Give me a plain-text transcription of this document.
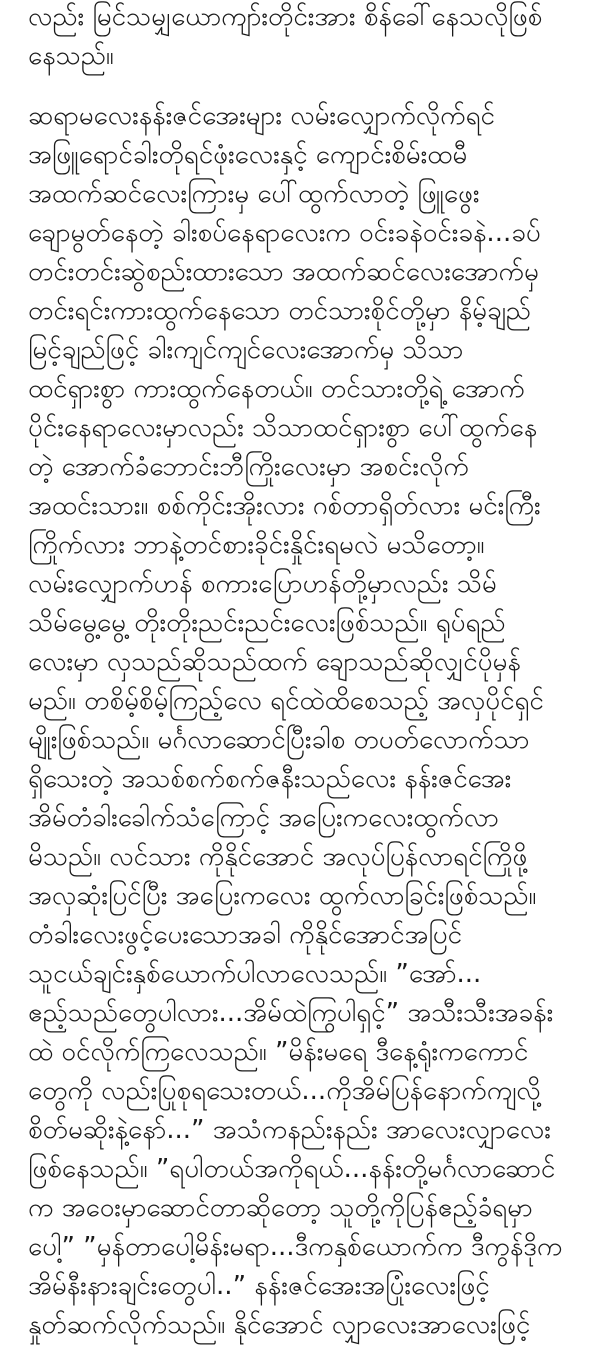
လည်း မြင်သမျှယောကျာ်းတိုင်းအား စိန်ခေါ်နေသလိုဖြစ်
နေသည်။

ဆရာမလေးနန်းဇင်အေးများ လမ်းလျှောက်လိုက်ရင်
အဖြူရောင်ခါးတိုရင်ဖုံးလေးနှင့် ကျောင်းစိမ်းထမီ
အထက်ဆင်လေးကြားမှ ပေါ်ထွက်လာတဲ့ ဖြူဖွေး
ချောမွတ်နေတဲ့ ခါးစပ်နေရာလေးက ဝင်းခနဲဝင်းခနဲ...ခပ်
တင်းတင်းဆွဲစည်းထားသော အထက်ဆင်လေးအောက်မှ
တင်းရင်းကားထွက်နေသော တင်သားစိုင်တို့မှာ နိမ့်ချည်
မြင့်ချည်ဖြင့် ခါးကျင်ကျင်လေးအောက်မှ သိသာ
ထင်ရှားစွာ ကားထွက်နေတယ်။ တင်သားတို့ရဲ့ အောက်
ပိုင်းနေရာလေးမှာလည်း သိသာထင်ရှားစွာ ပေါ်ထွက်နေ
တဲ့ အောက်ခံဘောင်းဘီကြိုးလေးမှာ အစင်းလိုက်
အထင်းသား။ စစ်ကိုင်းအိုးလား ဂစ်တာရှိတ်လား မင်းကြီး
ကြိုက်လား ဘာနဲ့တင်စားခိုင်းနှိုင်းရမလဲ မသိတော့။
လမ်းလျှောက်ဟန် စကားပြောဟန်တို့မှာလည်း သိမ်
သိမ်မွေ့မွေ့ တိုးတိုးညင်းညင်းလေးဖြစ်သည်။ ရုပ်ရည်
လေးမှာ လှသည်ဆိုသည်ထက် ချောသည်ဆိုလျှင်ပိုမှန်
မည်။ တစိမ့်စိမ့်ကြည့်လေ ရင်ထဲထိစေသည့် အလှပိုင်ရှင်
မျိုးဖြစ်သည်။ မင်္ဂလာဆောင်ပြီးခါစ တပတ်လောက်သာ
ရှိသေးတဲ့ အသစ်စက်စက်ဇနီးသည်လေး နန်းဇင်အေး
အိမ်တံခါးခေါက်သံကြောင့် အပြေးကလေးထွက်လာ
မိသည်။ လင်သား ကိုနိုင်အောင် အလုပ်ပြန်လာရင်ကြိုဖို့
အလှဆုံးပြင်ပြီး အပြေးကလေး ထွက်လာခြင်းဖြစ်သည်။
တံခါးလေးဖွင့်ပေးသောအခါ ကိုနိုင်အောင်အပြင်
သူငယ်ချင်းနှစ်ယောက်ပါလာလေသည်။ ”အော်...
ဧည့်သည်တွေပါလား...အိမ်ထဲကြွပါရှင့်” အသီးသီးအခန်း
ထဲ ဝင်လိုက်ကြလေသည်။ ”မိန်းမရေ ဒီနေ့ရုံးကကောင်
တွေကို လည်းပြုစုရသေးတယ်...ကိုအိမ်ပြန်နောက်ကျလို့
စိတ်မဆိုးနဲ့နော်...” အသံကနည်းနည်း အာလေးလျှာလေး
ဖြစ်နေသည်။ ”ရပါတယ်အကိုရယ်...နန်းတို့မင်္ဂလာဆောင်
က အဝေးမှာဆောင်တာဆိုတော့ သူတို့ကိုပြန်ဧည့်ခံရမှာ
ပေါ့” ”မှန်တာပေါ့မိန်းမရာ...ဒီကနှစ်ယောက်က ဒီကွန်ဒိုက
အိမ်နီးနားချင်းတွေပါ..” နန်းဇင်အေးအပြုံးလေးဖြင့်
နှုတ်ဆက်လိုက်သည်။ နိုင်အောင် လျှာလေးအာလေးဖြင့်
